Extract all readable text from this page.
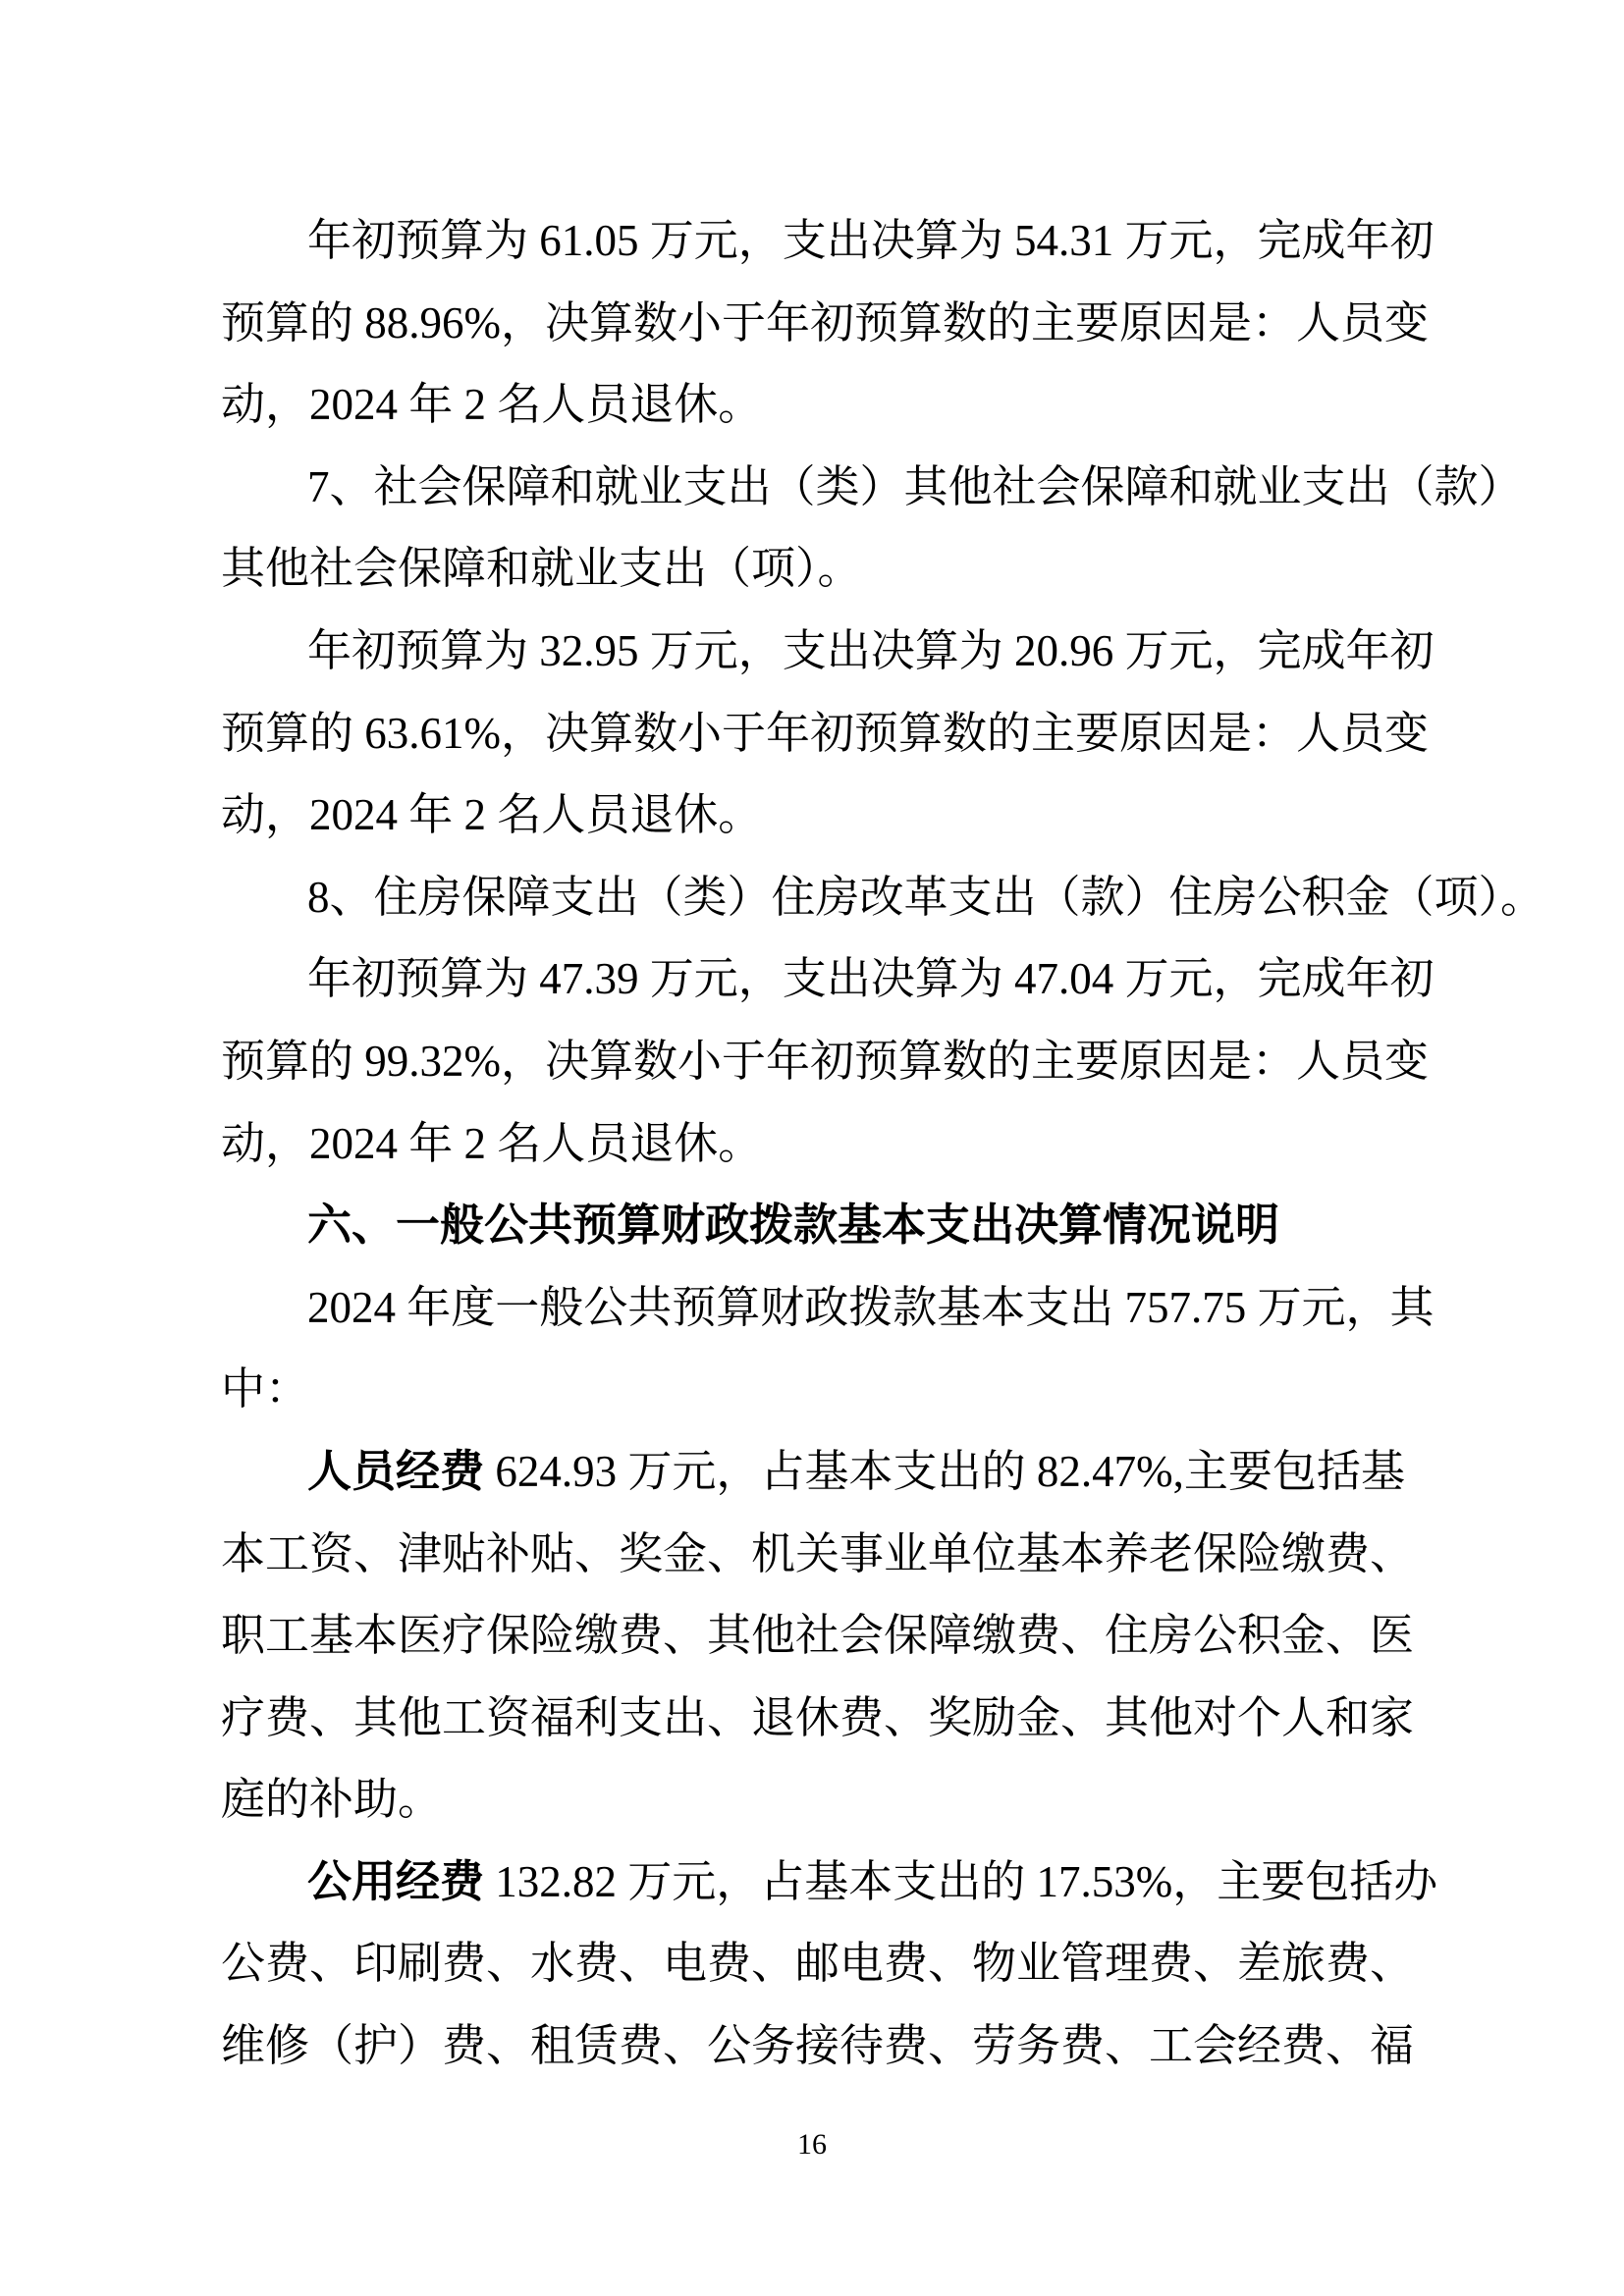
年初预算为 61.05 万元，支出决算为 54.31 万元，完成年初
预算的 88.96%，决算数小于年初预算数的主要原因是：人员变
动，2024 年 2 名人员退休。
7、社会保障和就业支出（类）其他社会保障和就业支出（款）
其他社会保障和就业支出（项）。
年初预算为 32.95 万元，支出决算为 20.96 万元，完成年初
预算的 63.61%，决算数小于年初预算数的主要原因是：人员变
动，2024 年 2 名人员退休。
8、住房保障支出（类）住房改革支出（款）住房公积金（项）。
年初预算为 47.39 万元，支出决算为 47.04 万元，完成年初
预算的 99.32%，决算数小于年初预算数的主要原因是：人员变
动，2024 年 2 名人员退休。
六、一般公共预算财政拨款基本支出决算情况说明
2024 年度一般公共预算财政拨款基本支出 757.75 万元，其
中：
人员经费 624.93 万元，占基本支出的 82.47%,主要包括基
本工资、津贴补贴、奖金、机关事业单位基本养老保险缴费、
职工基本医疗保险缴费、其他社会保障缴费、住房公积金、医
疗费、其他工资福利支出、退休费、奖励金、其他对个人和家
庭的补助。
公用经费 132.82 万元，占基本支出的 17.53%，主要包括办
公费、印刷费、水费、电费、邮电费、物业管理费、差旅费、
维修（护）费、租赁费、公务接待费、劳务费、工会经费、福
16
